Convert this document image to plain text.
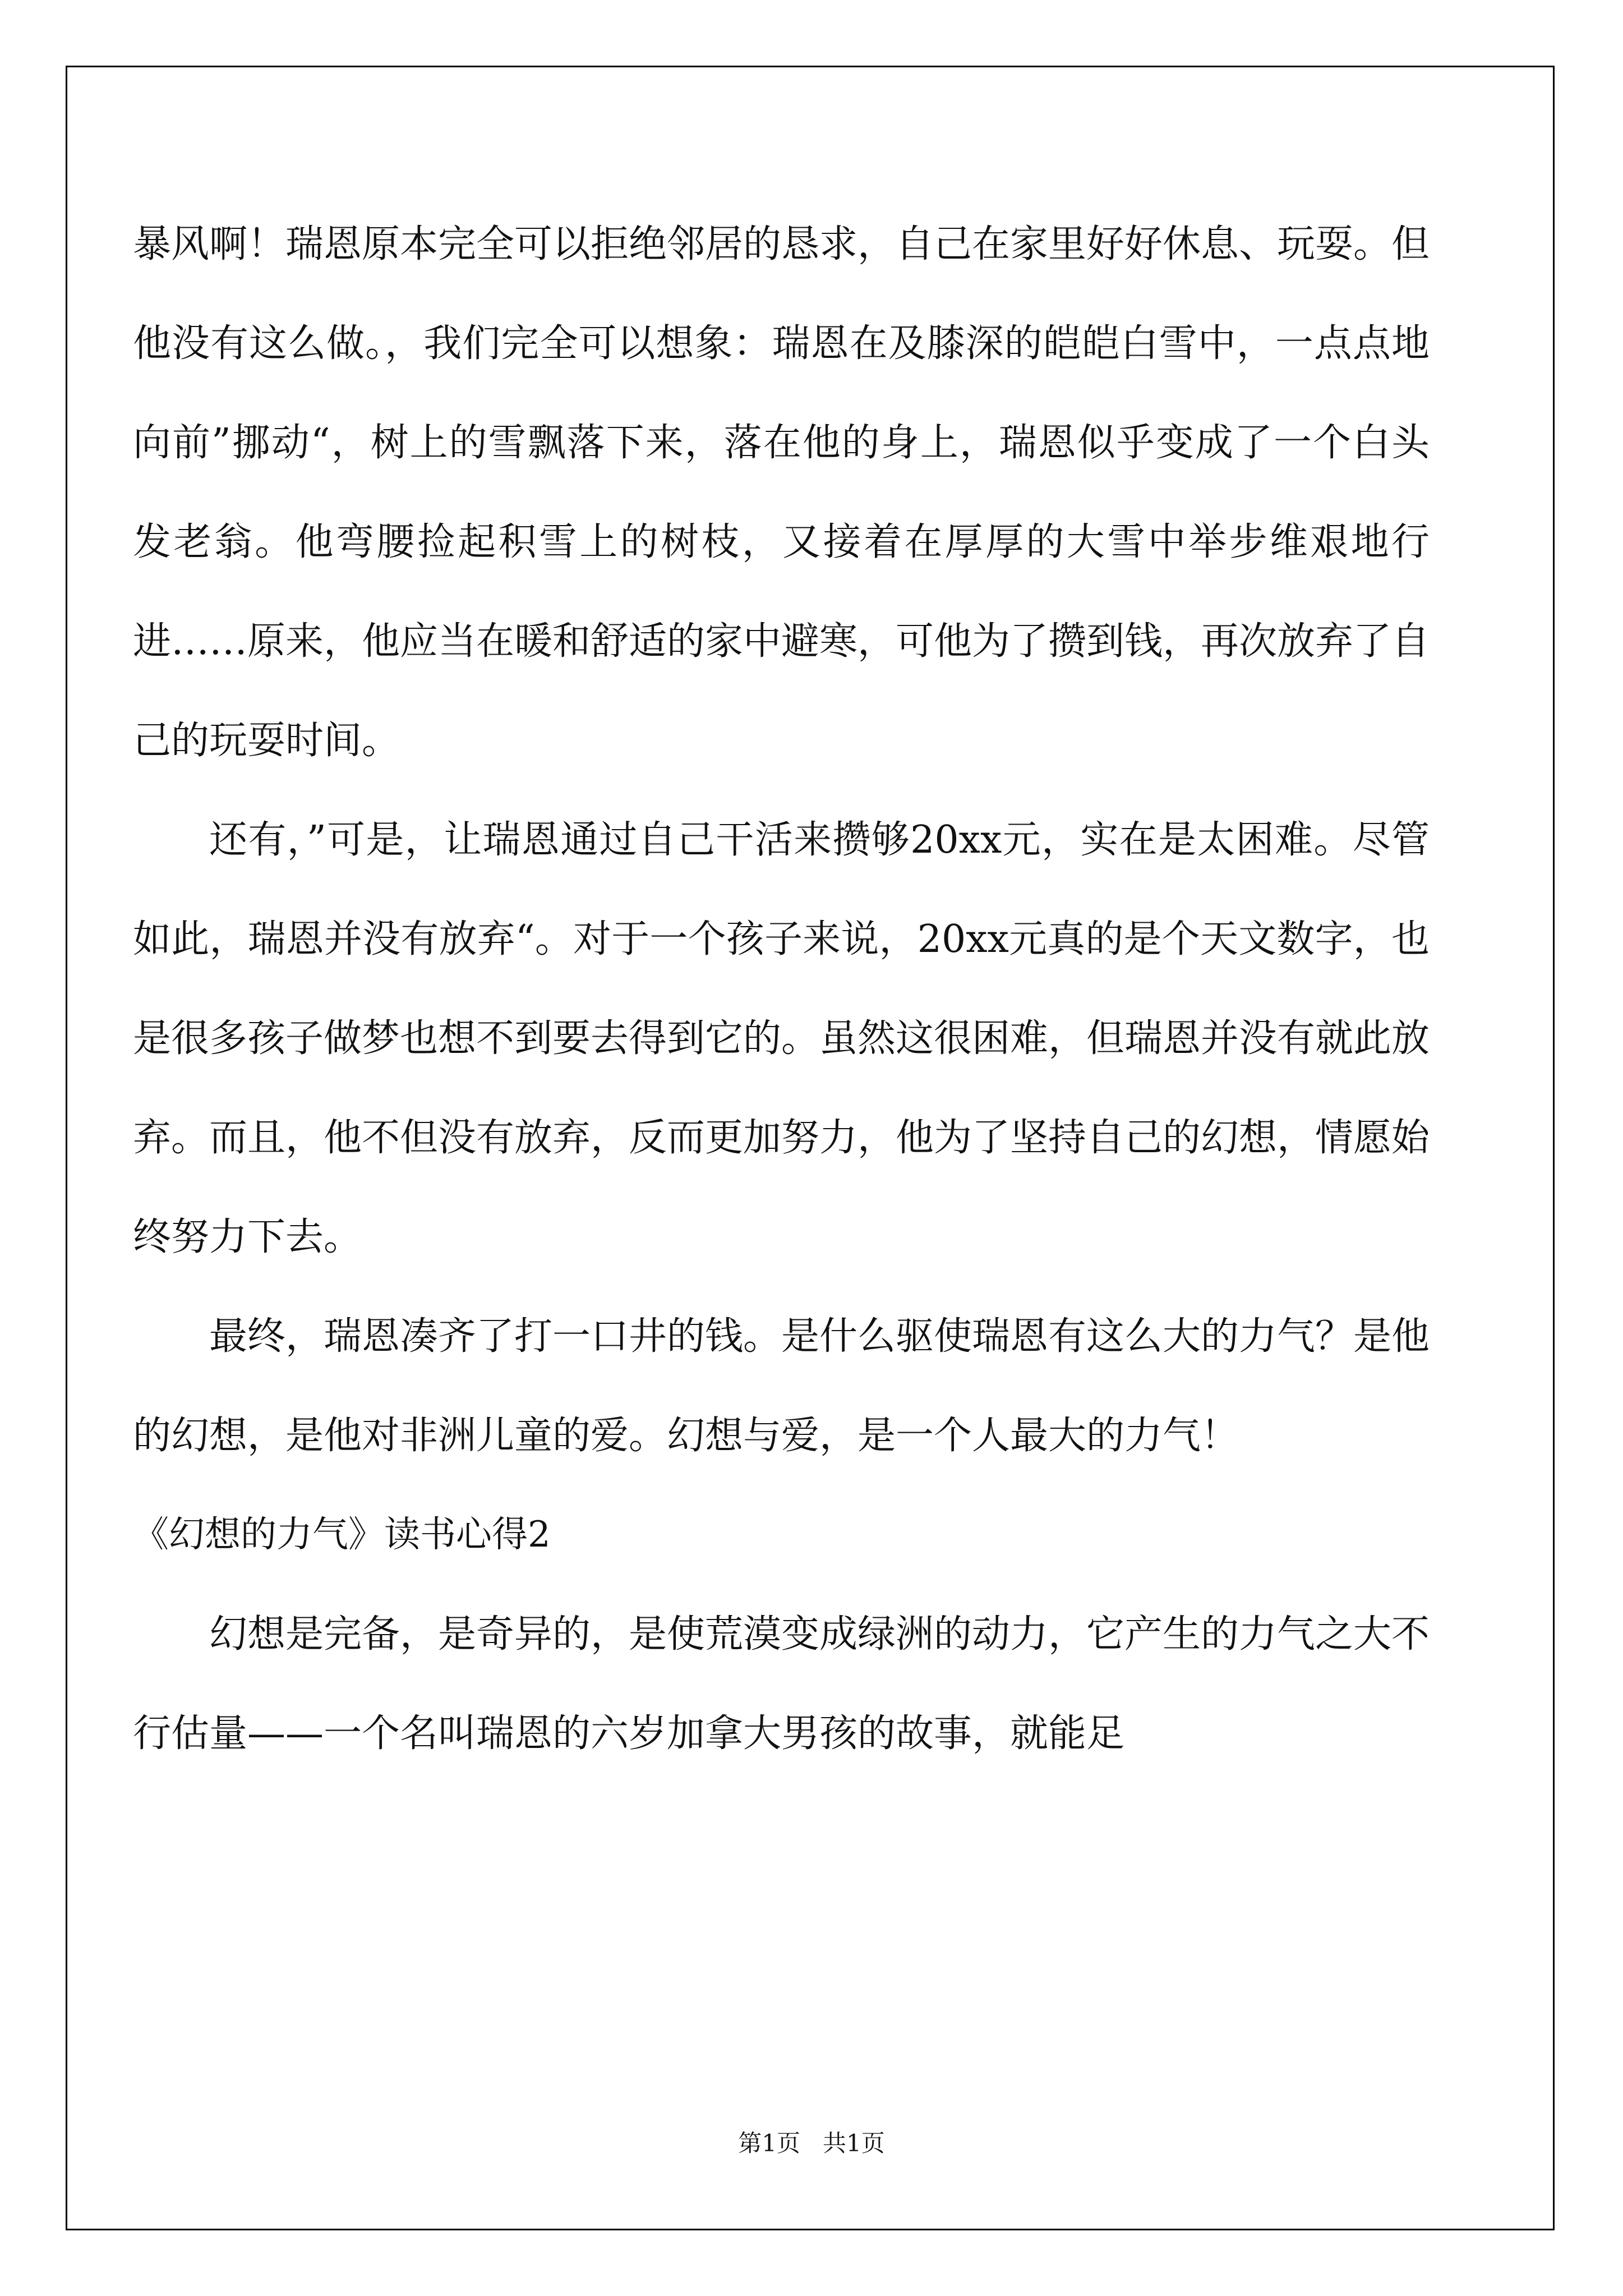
暴风啊！瑞恩原本完全可以拒绝邻居的恳求，自己在家里好好休息、玩耍。但他没有这么做。，我们完全可以想象：瑞恩在及膝深的皑皑白雪中，一点点地向前”挪动“，树上的雪飘落下来，落在他的身上，瑞恩似乎变成了一个白头发老翁。他弯腰捡起积雪上的树枝，又接着在厚厚的大雪中举步维艰地行进……原来，他应当在暖和舒适的家中避寒，可他为了攒到钱，再次放弃了自己的玩耍时间。

还有，”可是，让瑞恩通过自己干活来攒够20xx元，实在是太困难。尽管如此，瑞恩并没有放弃“。对于一个孩子来说，20xx元真的是个天文数字，也是很多孩子做梦也想不到要去得到它的。虽然这很困难，但瑞恩并没有就此放弃。而且，他不但没有放弃，反而更加努力，他为了坚持自己的幻想，情愿始终努力下去。

最终，瑞恩凑齐了打一口井的钱。是什么驱使瑞恩有这么大的力气？是他的幻想，是他对非洲儿童的爱。幻想与爱，是一个人最大的力气！

《幻想的力气》读书心得2

幻想是完备，是奇异的，是使荒漠变成绿洲的动力，它产生的力气之大不行估量——一个名叫瑞恩的六岁加拿大男孩的故事，就能足

第1页   共1页
